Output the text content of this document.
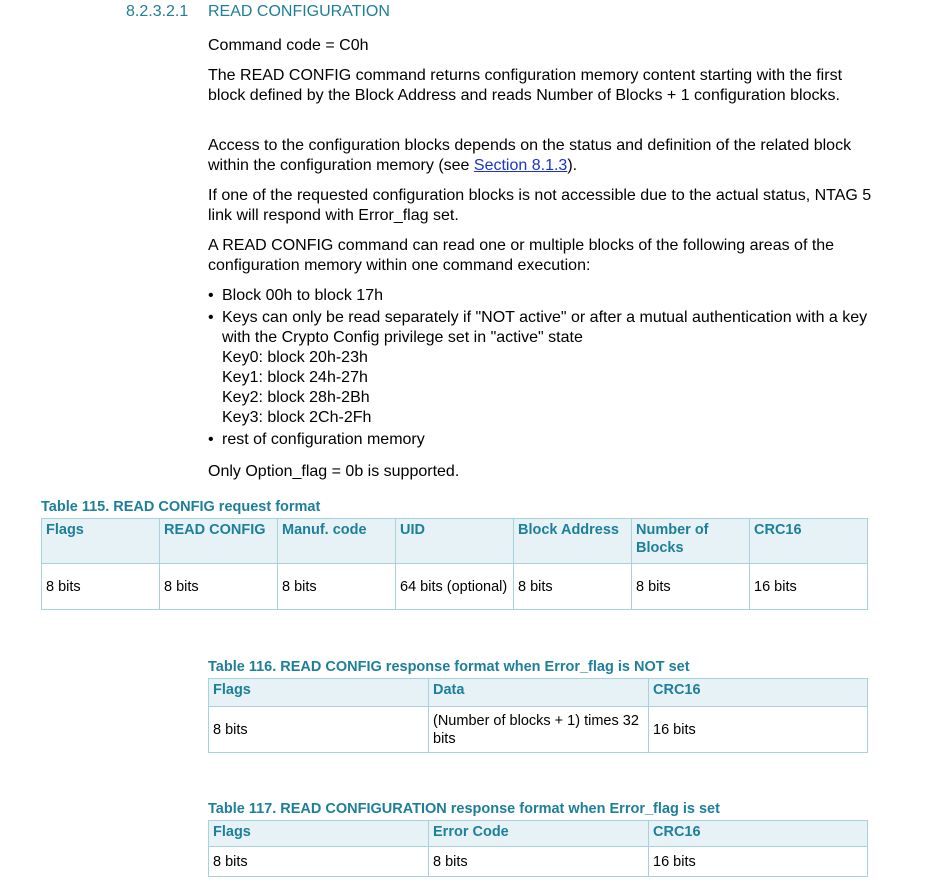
8.2.3.2.1 READ CONFIGURATION

Command code = C0h

The READ CONFIG command returns configuration memory content starting with the first block defined by the Block Address and reads Number of Blocks + 1 configuration blocks.

Access to the configuration blocks depends on the status and definition of the related block within the configuration memory (see Section 8.1.3).

If one of the requested configuration blocks is not accessible due to the actual status, NTAG 5 link will respond with Error_flag set.

A READ CONFIG command can read one or multiple blocks of the following areas of the configuration memory within one command execution:

• Block 00h to block 17h
• Keys can only be read separately if "NOT active" or after a mutual authentication with a key with the Crypto Config privilege set in "active" state
Key0: block 20h-23h
Key1: block 24h-27h
Key2: block 28h-2Bh
Key3: block 2Ch-2Fh
• rest of configuration memory

Only Option_flag = 0b is supported.

Table 115. READ CONFIG request format
Flags	READ CONFIG	Manuf. code	UID	Block Address	Number of Blocks	CRC16
8 bits	8 bits	8 bits	64 bits (optional)	8 bits	8 bits	16 bits
Table 116. READ CONFIG response format when Error_flag is NOT set
Flags	Data	CRC16
8 bits	(Number of blocks + 1) times 32 bits	16 bits
Table 117. READ CONFIGURATION response format when Error_flag is set
Flags	Error Code	CRC16
8 bits	8 bits	16 bits
